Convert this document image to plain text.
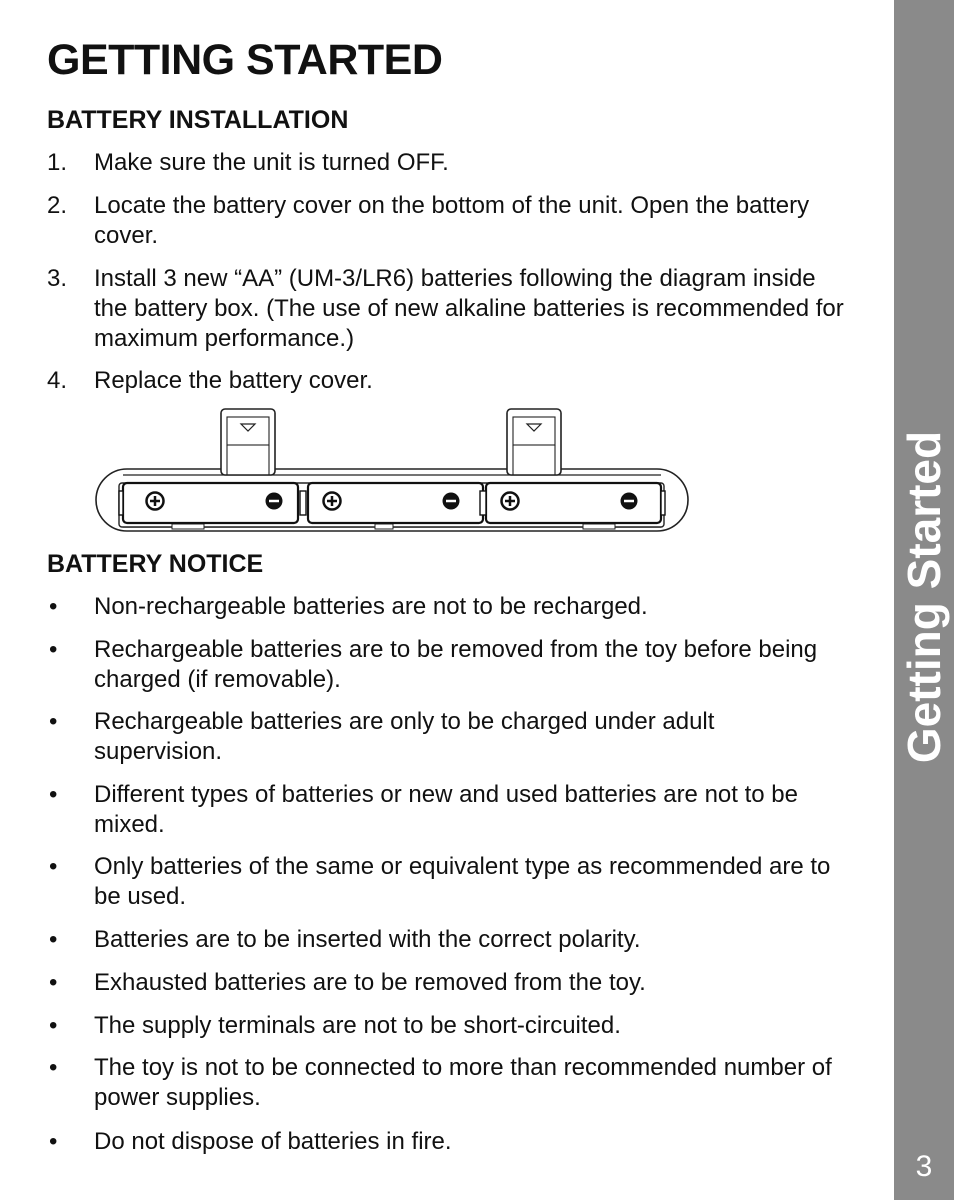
GETTING STARTED
BATTERY INSTALLATION
1. Make sure the unit is turned OFF.
2. Locate the battery cover on the bottom of the unit. Open the battery cover.
3. Install 3 new “AA” (UM-3/LR6) batteries following the diagram inside the battery box. (The use of new alkaline batteries is recommended for maximum performance.)
4. Replace the battery cover.
BATTERY NOTICE
• Non-rechargeable batteries are not to be recharged.
• Rechargeable batteries are to be removed from the toy before being charged (if removable).
• Rechargeable batteries are only to be charged under adult supervision.
• Different types of batteries or new and used batteries are not to be mixed.
• Only batteries of the same or equivalent type as recommended are to be used.
• Batteries are to be inserted with the correct polarity.
• Exhausted batteries are to be removed from the toy.
• The supply terminals are not to be short-circuited.
• The toy is not to be connected to more than recommended number of power supplies.
• Do not dispose of batteries in fire.
Getting Started
3
